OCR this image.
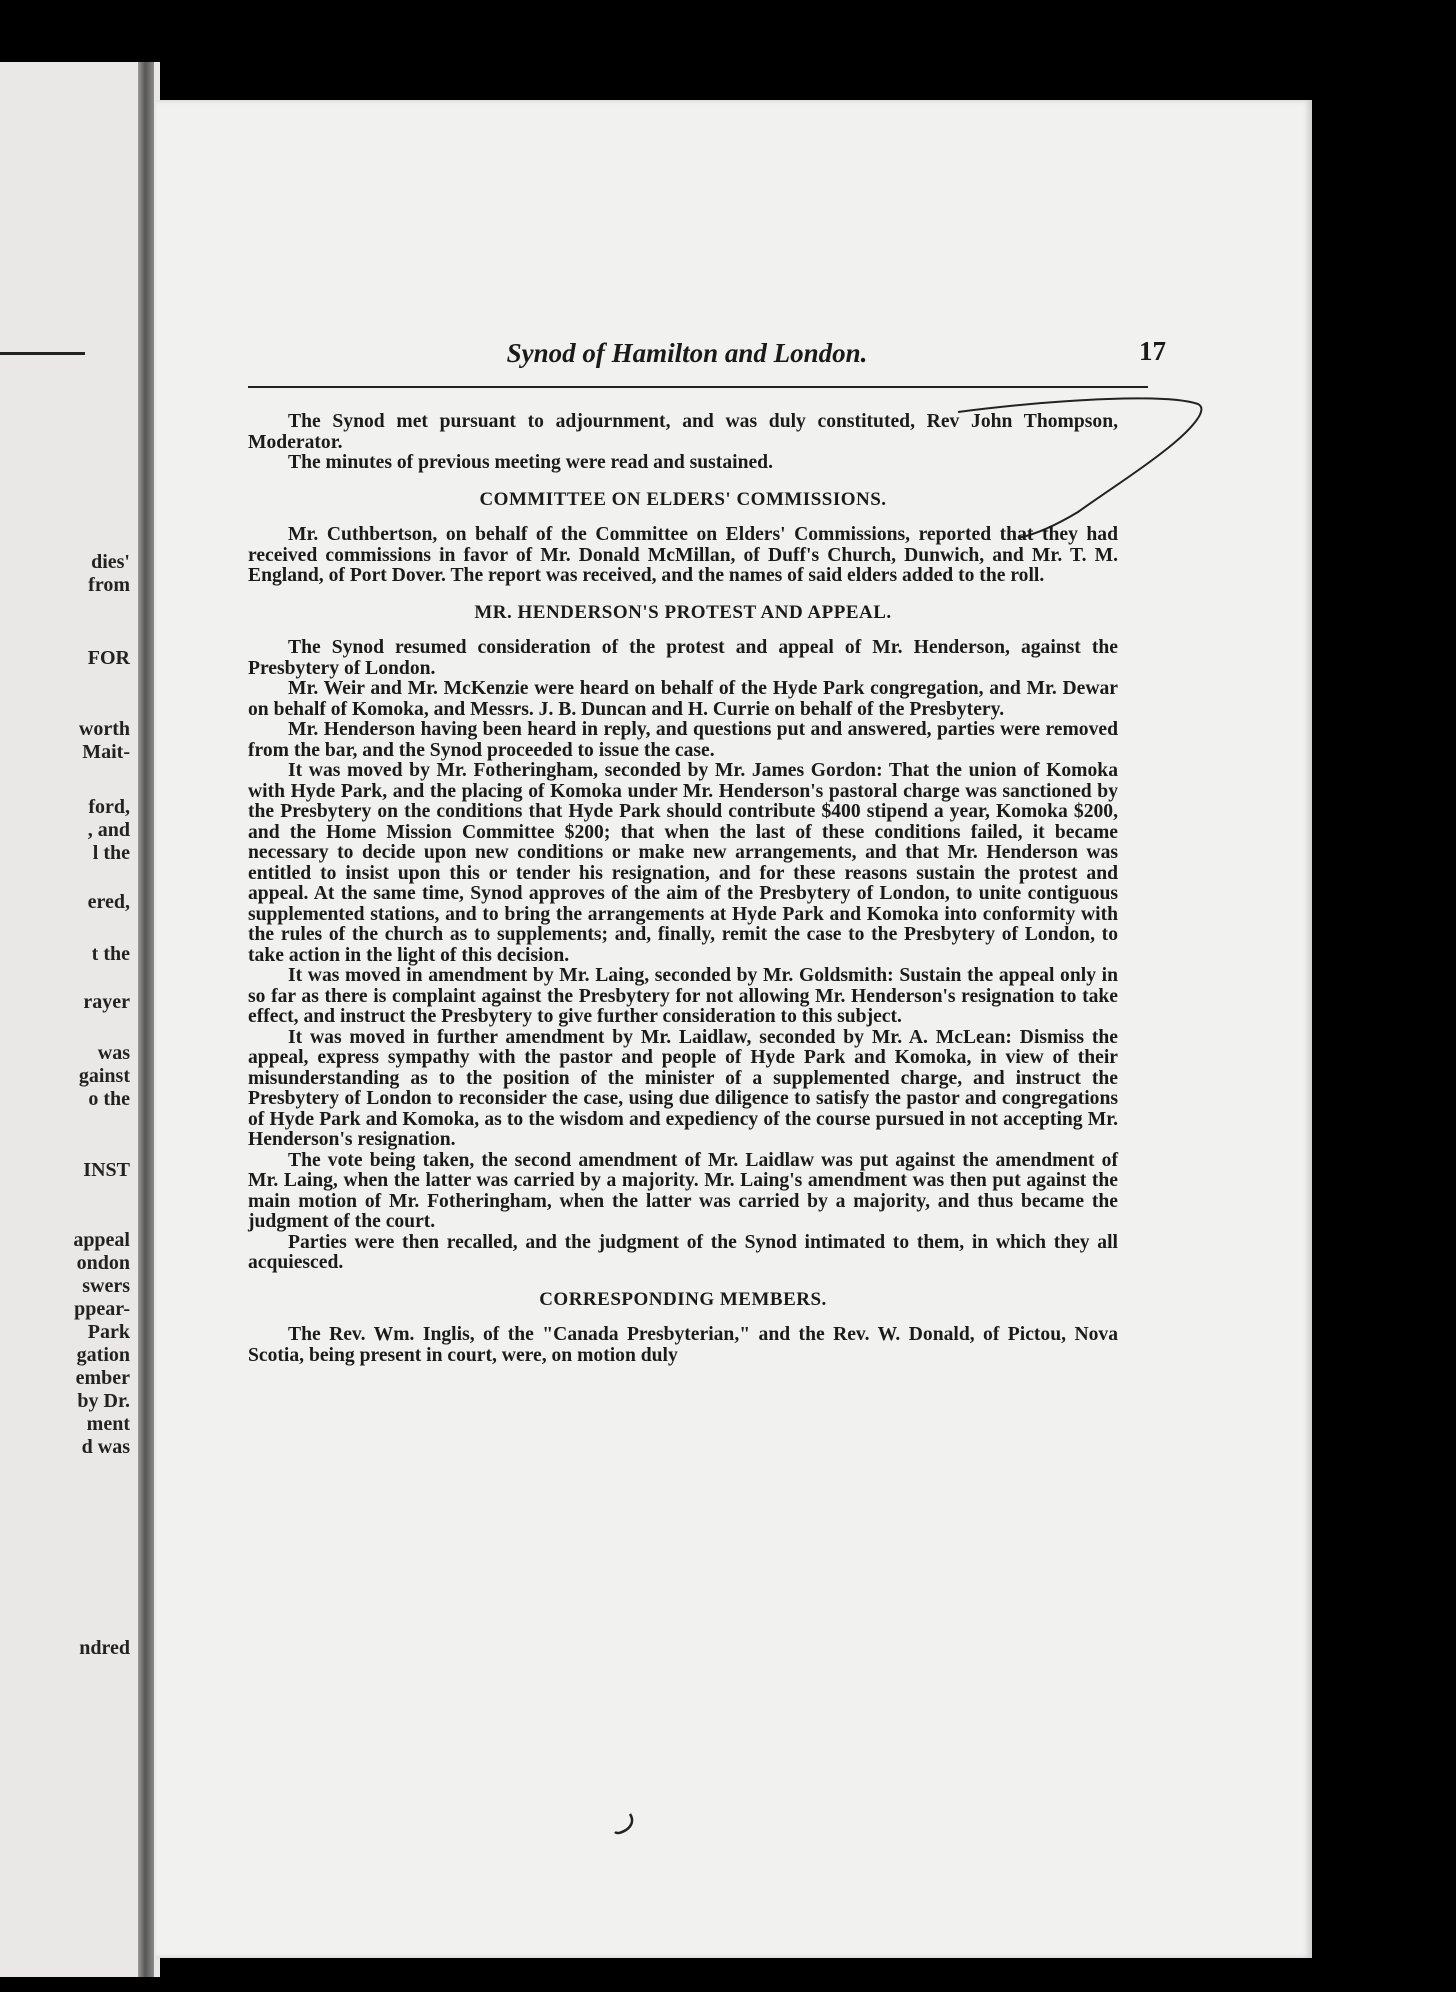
dies'
from
FOR
worth
Mait-
ford,
, and
l the
ered,
t the
rayer
was
gainst
o the
INST
appeal
ondon
swers
ppear-
Park
gation
ember
by Dr.
ment
d was
ndred
Synod of Hamilton and London.	17

The Synod met pursuant to adjournment, and was duly constituted, Rev John Thompson, Moderator.

The minutes of previous meeting were read and sustained.

COMMITTEE ON ELDERS' COMMISSIONS.

Mr. Cuthbertson, on behalf of the Committee on Elders' Commissions, reported that they had received commissions in favor of Mr. Donald McMillan, of Duff's Church, Dunwich, and Mr. T. M. England, of Port Dover. The report was received, and the names of said elders added to the roll.

MR. HENDERSON'S PROTEST AND APPEAL.

The Synod resumed consideration of the protest and appeal of Mr. Henderson, against the Presbytery of London.

Mr. Weir and Mr. McKenzie were heard on behalf of the Hyde Park congregation, and Mr. Dewar on behalf of Komoka, and Messrs. J. B. Duncan and H. Currie on behalf of the Presbytery.

Mr. Henderson having been heard in reply, and questions put and answered, parties were removed from the bar, and the Synod proceeded to issue the case.

It was moved by Mr. Fotheringham, seconded by Mr. James Gordon: That the union of Komoka with Hyde Park, and the placing of Komoka under Mr. Henderson's pastoral charge was sanctioned by the Presbytery on the conditions that Hyde Park should contribute $400 stipend a year, Komoka $200, and the Home Mission Committee $200; that when the last of these conditions failed, it became necessary to decide upon new conditions or make new arrangements, and that Mr. Henderson was entitled to insist upon this or tender his resignation, and for these reasons sustain the protest and appeal. At the same time, Synod approves of the aim of the Presbytery of London, to unite contiguous supplemented stations, and to bring the arrangements at Hyde Park and Komoka into conformity with the rules of the church as to supplements; and, finally, remit the case to the Presbytery of London, to take action in the light of this decision.

It was moved in amendment by Mr. Laing, seconded by Mr. Goldsmith: Sustain the appeal only in so far as there is complaint against the Presbytery for not allowing Mr. Henderson's resignation to take effect, and instruct the Presbytery to give further consideration to this subject.

It was moved in further amendment by Mr. Laidlaw, seconded by Mr. A. McLean: Dismiss the appeal, express sympathy with the pastor and people of Hyde Park and Komoka, in view of their misunderstanding as to the position of the minister of a supplemented charge, and instruct the Presbytery of London to reconsider the case, using due diligence to satisfy the pastor and congregations of Hyde Park and Komoka, as to the wisdom and expediency of the course pursued in not accepting Mr. Henderson's resignation.

The vote being taken, the second amendment of Mr. Laidlaw was put against the amendment of Mr. Laing, when the latter was carried by a majority. Mr. Laing's amendment was then put against the main motion of Mr. Fotheringham, when the latter was carried by a majority, and thus became the judgment of the court.

Parties were then recalled, and the judgment of the Synod intimated to them, in which they all acquiesced.

CORRESPONDING MEMBERS.

The Rev. Wm. Inglis, of the "Canada Presbyterian," and the Rev. W. Donald, of Pictou, Nova Scotia, being present in court, were, on motion duly
